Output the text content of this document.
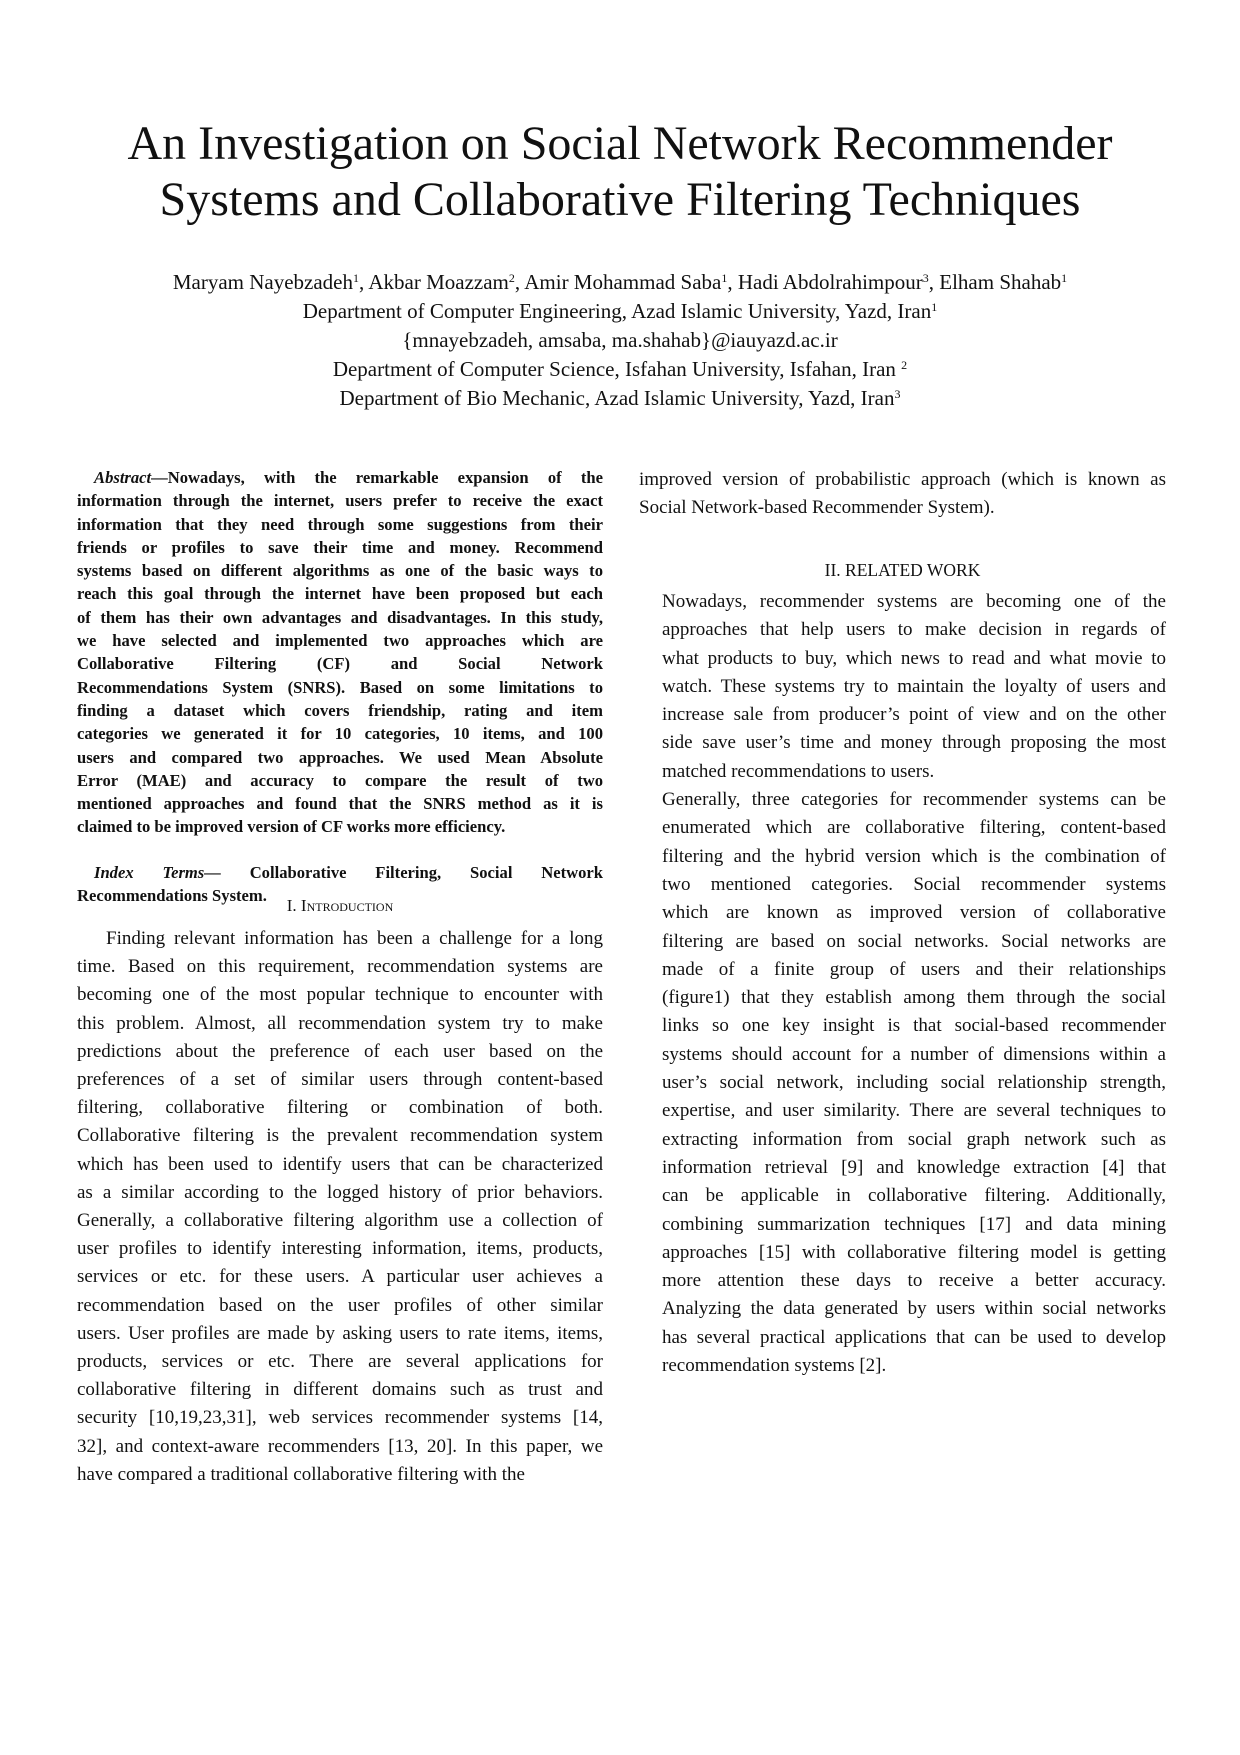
An Investigation on Social Network Recommender
Systems and Collaborative Filtering Techniques
Maryam Nayebzadeh$^1$, Akbar Moazzam$^2$, Amir Mohammad Saba$^1$, Hadi Abdolrahimpour$^3$, Elham Shahab$^1$
Department of Computer Engineering, Azad Islamic University, Yazd, Iran$^1$
{mnayebzadeh, amsaba, ma.shahab}@iauyazd.ac.ir
Department of Computer Science, Isfahan University, Isfahan, Iran $^2$
Department of Bio Mechanic, Azad Islamic University, Yazd, Iran$^3$
Abstract—Nowadays, with the remarkable expansion of the
information through the internet, users prefer to receive the exact
information that they need through some suggestions from their
friends or profiles to save their time and money. Recommend
systems based on different algorithms as one of the basic ways to
reach this goal through the internet have been proposed but each
of them has their own advantages and disadvantages. In this study,
we have selected and implemented two approaches which are
Collaborative Filtering (CF) and Social Network
Recommendations System (SNRS). Based on some limitations to
finding a dataset which covers friendship, rating and item
categories we generated it for 10 categories, 10 items, and 100
users and compared two approaches. We used Mean Absolute
Error (MAE) and accuracy to compare the result of two
mentioned approaches and found that the SNRS method as it is
claimed to be improved version of CF works more efficiency.
Index Terms— Collaborative Filtering, Social Network
Recommendations System.
I. Introduction
Finding relevant information has been a challenge for a long
time. Based on this requirement, recommendation systems are
becoming one of the most popular technique to encounter with
this problem. Almost, all recommendation system try to make
predictions about the preference of each user based on the
preferences of a set of similar users through content-based
filtering, collaborative filtering or combination of both.
Collaborative filtering is the prevalent recommendation system
which has been used to identify users that can be characterized
as a similar according to the logged history of prior behaviors.
Generally, a collaborative filtering algorithm use a collection of
user profiles to identify interesting information, items, products,
services or etc. for these users. A particular user achieves a
recommendation based on the user profiles of other similar
users. User profiles are made by asking users to rate items, items,
products, services or etc. There are several applications for
collaborative filtering in different domains such as trust and
security [10,19,23,31], web services recommender systems [14,
32], and context-aware recommenders [13, 20]. In this paper, we
have compared a traditional collaborative filtering with the
improved version of probabilistic approach (which is known as
Social Network-based Recommender System).
II. RELATED WORK
Nowadays, recommender systems are becoming one of the
approaches that help users to make decision in regards of
what products to buy, which news to read and what movie to
watch. These systems try to maintain the loyalty of users and
increase sale from producer’s point of view and on the other
side save user’s time and money through proposing the most
matched recommendations to users.
Generally, three categories for recommender systems can be
enumerated which are collaborative filtering, content-based
filtering and the hybrid version which is the combination of
two mentioned categories. Social recommender systems
which are known as improved version of collaborative
filtering are based on social networks. Social networks are
made of a finite group of users and their relationships
(figure1) that they establish among them through the social
links so one key insight is that social-based recommender
systems should account for a number of dimensions within a
user’s social network, including social relationship strength,
expertise, and user similarity. There are several techniques to
extracting information from social graph network such as
information retrieval [9] and knowledge extraction [4] that
can be applicable in collaborative filtering. Additionally,
combining summarization techniques [17] and data mining
approaches [15] with collaborative filtering model is getting
more attention these days to receive a better accuracy.
Analyzing the data generated by users within social networks
has several practical applications that can be used to develop
recommendation systems [2].
